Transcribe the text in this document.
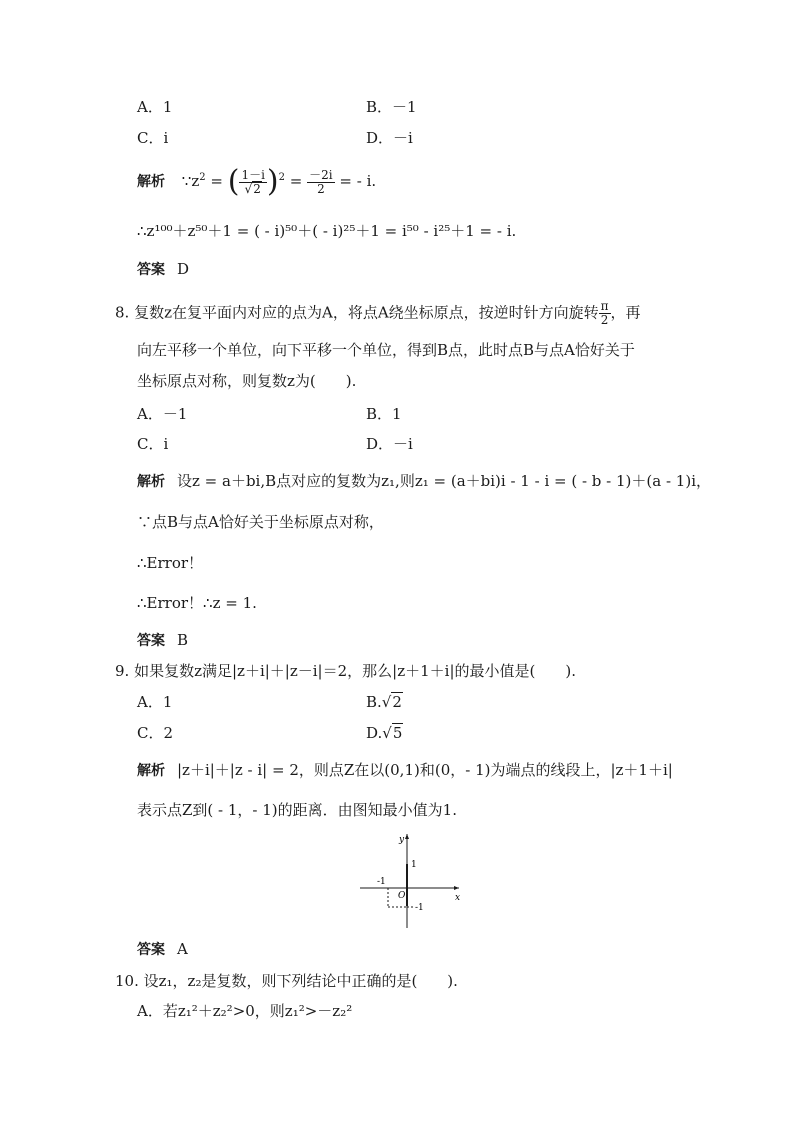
A．1	B．－1
C．i	D．－i
解析 $\because z^2$ = ( $\frac{1-i}{√2} )^2 = \frac{-2i}{2}$ = - i.
∴z¹⁰⁰＋z⁵⁰＋1 = ( - i)⁵⁰＋( - i)²⁵＋1 = i⁵⁰ - i²⁵＋1 = - i.
答案 D
8. 复数z在复平面内对应的点为A，将点A绕坐标原点，按逆时针方向旋转 $\frac{\pi}{2}$ ，再
向左平移一个单位，向下平移一个单位，得到B点，此时点B与点A恰好关于
坐标原点对称，则复数z为(　　).
A．－1	B．1
C．i	D．－i
解析 设z = a＋bi,B点对应的复数为z₁,则z₁ = (a＋bi)i - 1 - i = ( - b - 1)＋(a - 1)i，
∵点B与点A恰好关于坐标原点对称，
∴Error！
∴Error！∴z = 1.
答案 B
9. 如果复数z满足|z＋i|＋|z－i|＝2，那么|z＋1＋i|的最小值是(　　).
A．1	B.√2
C．2	D.√5
解析 |z＋i|＋|z - i| = 2，则点Z在以(0,1)和(0，- 1)为端点的线段上，|z＋1＋i|
表示点Z到( - 1，- 1)的距离．由图知最小值为1.
y
x
O
1
-1
-1
答案 A
10. 设z₁，z₂是复数，则下列结论中正确的是(　　).
A．若z₁²＋z₂²>0，则z₁²>－z₂²
